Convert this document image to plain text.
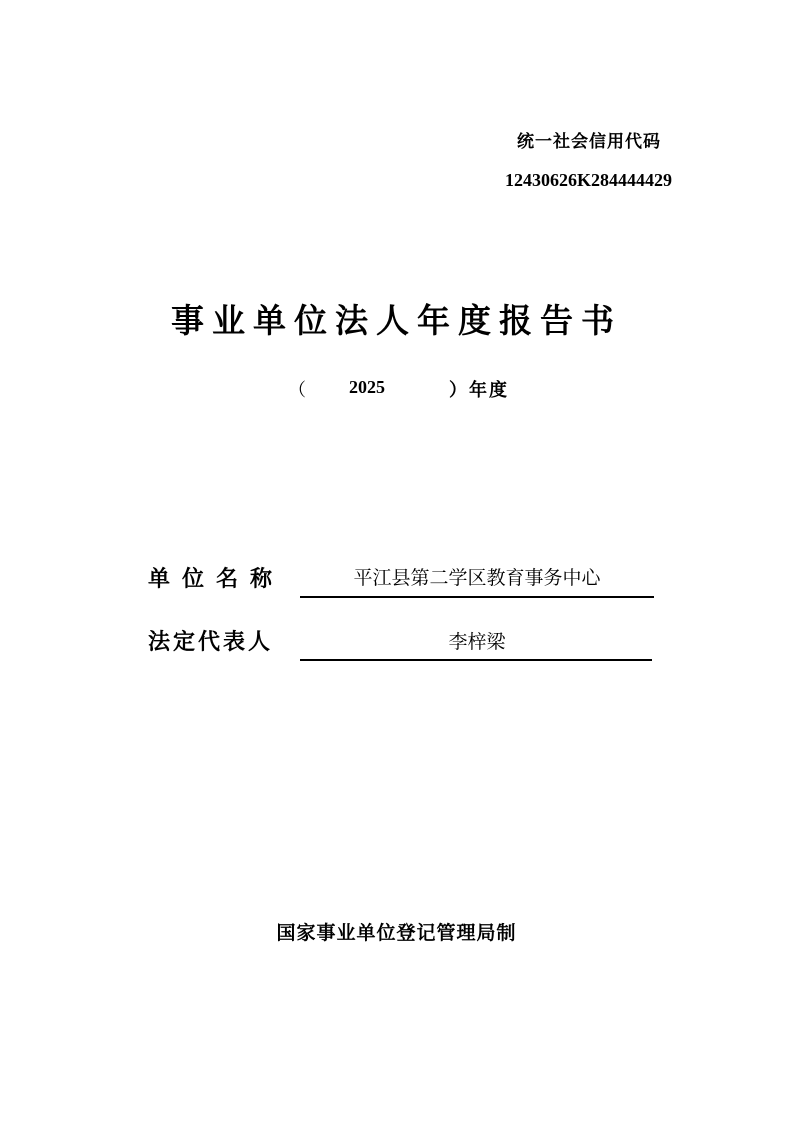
统一社会信用代码
12430626K284444429
事业单位法人年度报告书
（ 2025	）年度
单位名称	平江县第二学区教育事务中心
法定代表人	李梓梁
国家事业单位登记管理局制
